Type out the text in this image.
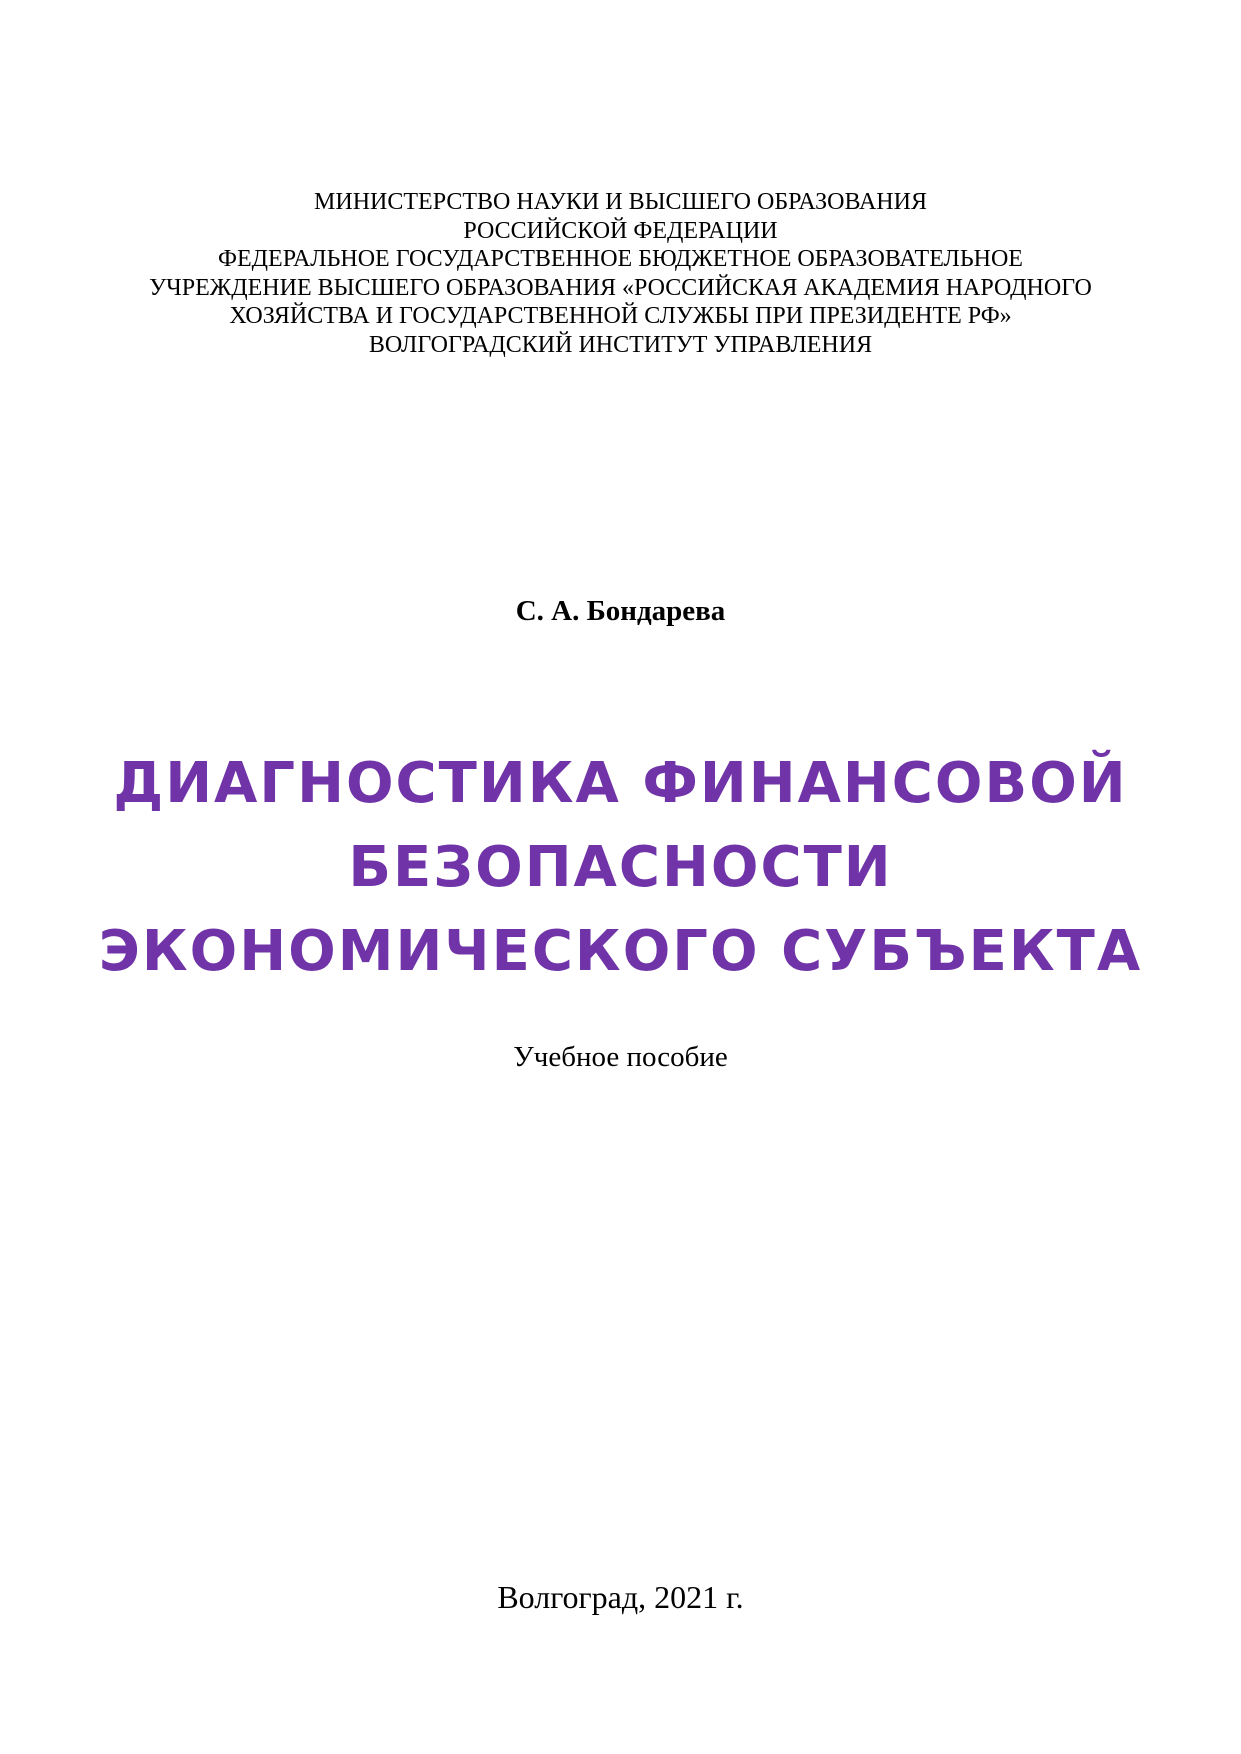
МИНИСТЕРСТВО НАУКИ И ВЫСШЕГО ОБРАЗОВАНИЯ
РОССИЙСКОЙ ФЕДЕРАЦИИ
ФЕДЕРАЛЬНОЕ ГОСУДАРСТВЕННОЕ БЮДЖЕТНОЕ ОБРАЗОВАТЕЛЬНОЕ
УЧРЕЖДЕНИЕ ВЫСШЕГО ОБРАЗОВАНИЯ «РОССИЙСКАЯ АКАДЕМИЯ НАРОДНОГО
ХОЗЯЙСТВА И ГОСУДАРСТВЕННОЙ СЛУЖБЫ ПРИ ПРЕЗИДЕНТЕ РФ»
ВОЛГОГРАДСКИЙ ИНСТИТУТ УПРАВЛЕНИЯ
С. А. Бондарева
ДИАГНОСТИКА ФИНАНСОВОЙ
БЕЗОПАСНОСТИ
ЭКОНОМИЧЕСКОГО СУБЪЕКТА
Учебное пособие
Волгоград, 2021 г.
